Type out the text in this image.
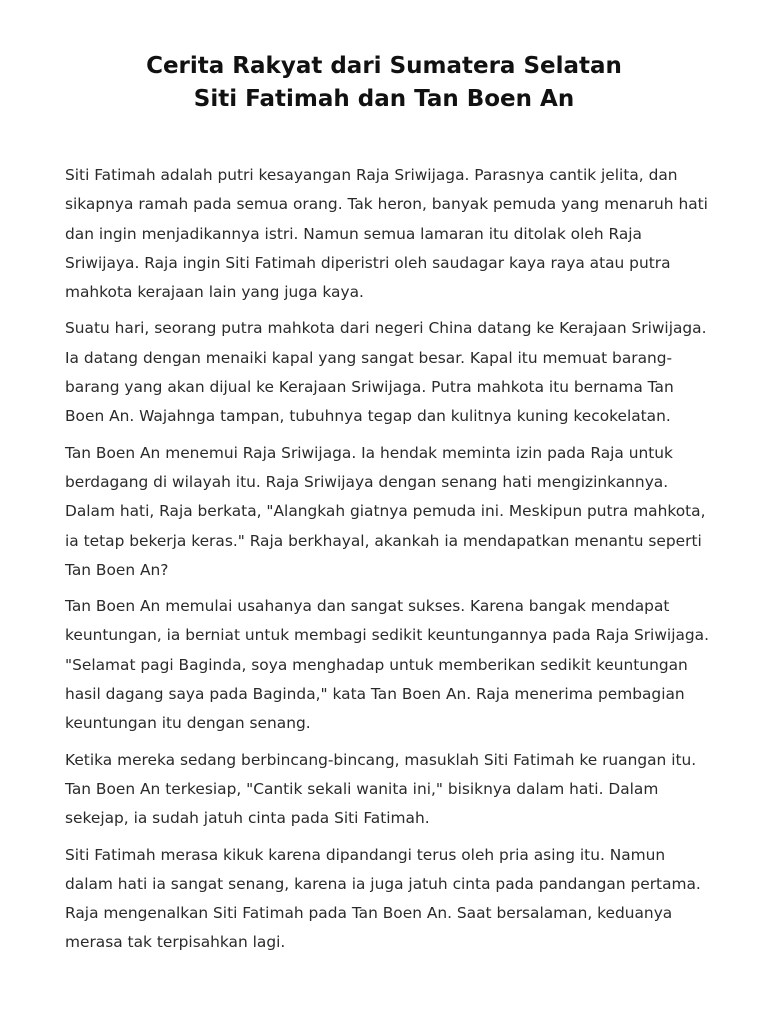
Cerita Rakyat dari Sumatera Selatan
Siti Fatimah dan Tan Boen An

Siti Fatimah adalah putri kesayangan Raja Sriwijaga. Parasnya cantik jelita, dan sikapnya ramah pada semua orang. Tak heron, banyak pemuda yang menaruh hati dan ingin menjadikannya istri. Namun semua lamaran itu ditolak oleh Raja Sriwijaya. Raja ingin Siti Fatimah diperistri oleh saudagar kaya raya atau putra mahkota kerajaan lain yang juga kaya.

Suatu hari, seorang putra mahkota dari negeri China datang ke Kerajaan Sriwijaga. Ia datang dengan menaiki kapal yang sangat besar. Kapal itu memuat barang-barang yang akan dijual ke Kerajaan Sriwijaga. Putra mahkota itu bernama Tan Boen An. Wajahnga tampan, tubuhnya tegap dan kulitnya kuning kecokelatan.

Tan Boen An menemui Raja Sriwijaga. Ia hendak meminta izin pada Raja untuk berdagang di wilayah itu. Raja Sriwijaya dengan senang hati mengizinkannya. Dalam hati, Raja berkata, "Alangkah giatnya pemuda ini. Meskipun putra mahkota, ia tetap bekerja keras." Raja berkhayal, akankah ia mendapatkan menantu seperti Tan Boen An?

Tan Boen An memulai usahanya dan sangat sukses. Karena bangak mendapat keuntungan, ia berniat untuk membagi sedikit keuntungannya pada Raja Sriwijaga. "Selamat pagi Baginda, soya menghadap untuk memberikan sedikit keuntungan hasil dagang saya pada Baginda," kata Tan Boen An. Raja menerima pembagian keuntungan itu dengan senang.

Ketika mereka sedang berbincang-bincang, masuklah Siti Fatimah ke ruangan itu. Tan Boen An terkesiap, "Cantik sekali wanita ini," bisiknya dalam hati. Dalam sekejap, ia sudah jatuh cinta pada Siti Fatimah.

Siti Fatimah merasa kikuk karena dipandangi terus oleh pria asing itu. Namun dalam hati ia sangat senang, karena ia juga jatuh cinta pada pandangan pertama. Raja mengenalkan Siti Fatimah pada Tan Boen An. Saat bersalaman, keduanya merasa tak terpisahkan lagi.
